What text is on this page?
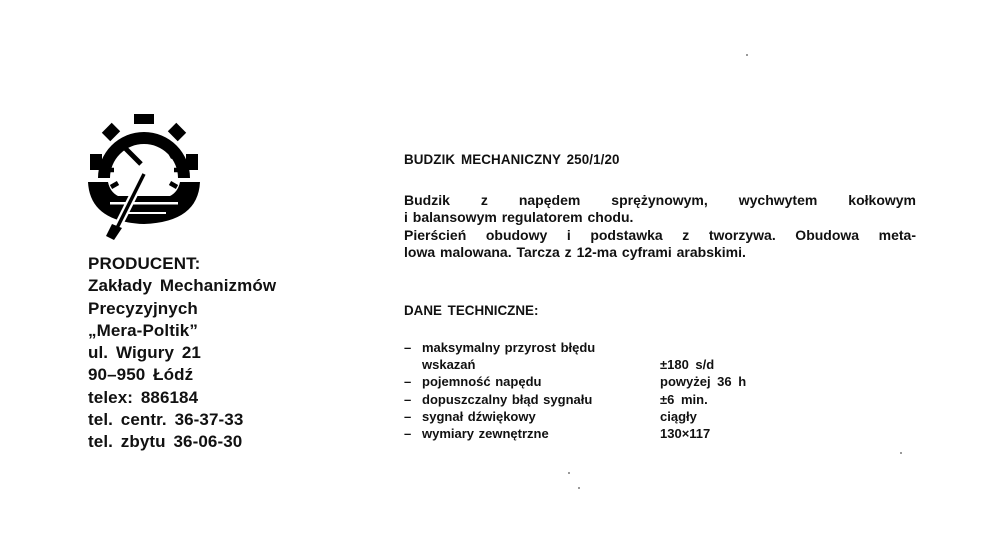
PRODUCENT:
Zakłady Mechanizmów
Precyzyjnych
„Mera-Poltik”
ul. Wigury 21
90–950 Łódź
telex: 886184
tel. centr. 36-37-33
tel. zbytu 36-06-30
BUDZIK MECHANICZNY 250/1/20
Budzik z napędem sprężynowym, wychwytem kołkowym
i balansowym regulatorem chodu.
Pierścień obudowy i podstawka z tworzywa. Obudowa meta-
lowa malowana. Tarcza z 12-ma cyframi arabskimi.
DANE TECHNICZNE:
– maksymalny przyrost błędu
wskazań	±180 s/d
– pojemność napędu	powyżej 36 h
– dopuszczalny błąd sygnału	±6 min.
– sygnał dźwiękowy	ciągły
– wymiary zewnętrzne	130×117
